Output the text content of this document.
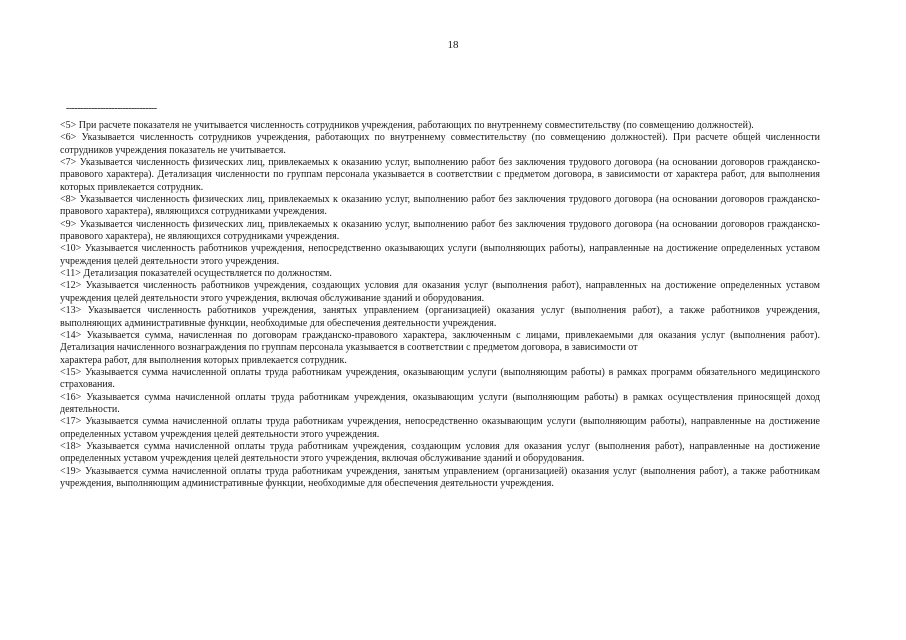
18
--------------------------------

<5> При расчете показателя не учитывается численность сотрудников учреждения, работающих по внутреннему совместительству (по совмещению должностей).

<6> Указывается численность сотрудников учреждения, работающих по внутреннему совместительству (по совмещению должностей). При расчете общей численности сотрудников учреждения показатель не учитывается.

<7> Указывается численность физических лиц, привлекаемых к оказанию услуг, выполнению работ без заключения трудового договора (на основании договоров гражданско-правового характера). Детализация численности по группам персонала указывается в соответствии с предметом договора, в зависимости от характера работ, для выполнения которых привлекается сотрудник.

<8> Указывается численность физических лиц, привлекаемых к оказанию услуг, выполнению работ без заключения трудового договора (на основании договоров гражданско-правового характера), являющихся сотрудниками учреждения.

<9> Указывается численность физических лиц, привлекаемых к оказанию услуг, выполнению работ без заключения трудового договора (на основании договоров гражданско-правового характера), не являющихся сотрудниками учреждения.

<10> Указывается численность работников учреждения, непосредственно оказывающих услуги (выполняющих работы), направленные на достижение определенных уставом учреждения целей деятельности этого учреждения.

<11> Детализация показателей осуществляется по должностям.

<12> Указывается численность работников учреждения, создающих условия для оказания услуг (выполнения работ), направленных на достижение определенных уставом учреждения целей деятельности этого учреждения, включая обслуживание зданий и оборудования.

<13> Указывается численность работников учреждения, занятых управлением (организацией) оказания услуг (выполнения работ), а также работников учреждения, выполняющих административные функции, необходимые для обеспечения деятельности учреждения.

<14> Указывается сумма, начисленная по договорам гражданско-правового характера, заключенным с лицами, привлекаемыми для оказания услуг (выполнения работ). Детализация начисленного вознаграждения по группам персонала указывается в соответствии с предметом договора, в зависимости от

характера работ, для выполнения которых привлекается сотрудник.

<15> Указывается сумма начисленной оплаты труда работникам учреждения, оказывающим услуги (выполняющим работы) в рамках программ обязательного медицинского страхования.

<16> Указывается сумма начисленной оплаты труда работникам учреждения, оказывающим услуги (выполняющим работы) в рамках осуществления приносящей доход деятельности.

<17> Указывается сумма начисленной оплаты труда работникам учреждения, непосредственно оказывающим услуги (выполняющим работы), направленные на достижение определенных уставом учреждения целей деятельности этого учреждения.

<18> Указывается сумма начисленной оплаты труда работникам учреждения, создающим условия для оказания услуг (выполнения работ), направленные на достижение определенных уставом учреждения целей деятельности этого учреждения, включая обслуживание зданий и оборудования.

<19> Указывается сумма начисленной оплаты труда работникам учреждения, занятым управлением (организацией) оказания услуг (выполнения работ), а также работникам учреждения, выполняющим административные функции, необходимые для обеспечения деятельности учреждения.
